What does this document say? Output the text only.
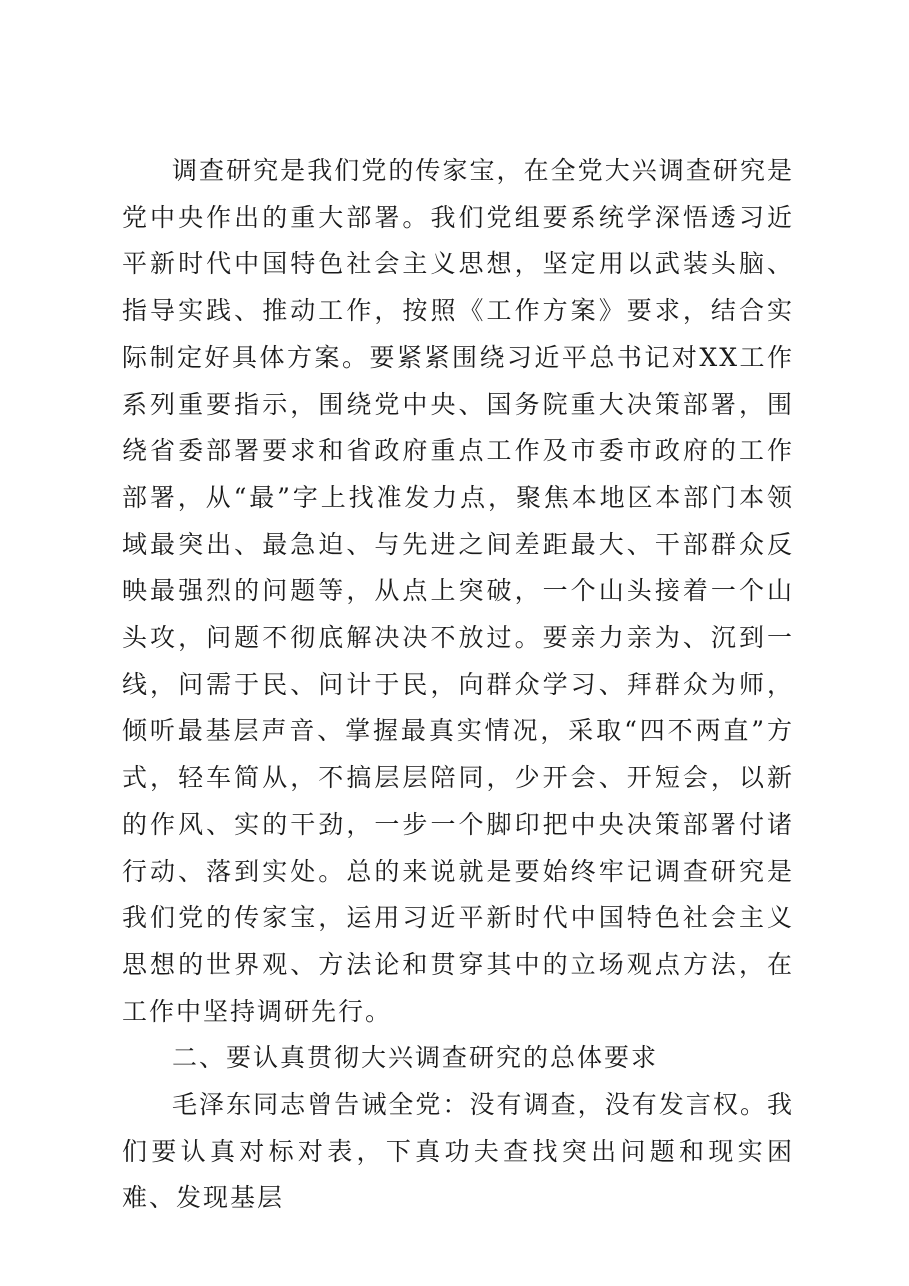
调查研究是我们党的传家宝，在全党大兴调查研究是党中央作出的重大部署。我们党组要系统学深悟透习近平新时代中国特色社会主义思想，坚定用以武装头脑、指导实践、推动工作，按照《工作方案》要求，结合实际制定好具体方案。要紧紧围绕习近平总书记对XX工作系列重要指示，围绕党中央、国务院重大决策部署，围绕省委部署要求和省政府重点工作及市委市政府的工作部署，从“最”字上找准发力点，聚焦本地区本部门本领域最突出、最急迫、与先进之间差距最大、干部群众反映最强烈的问题等，从点上突破，一个山头接着一个山头攻，问题不彻底解决决不放过。要亲力亲为、沉到一线，问需于民、问计于民，向群众学习、拜群众为师，倾听最基层声音、掌握最真实情况，采取“四不两直”方式，轻车简从，不搞层层陪同，少开会、开短会，以新的作风、实的干劲，一步一个脚印把中央决策部署付诸行动、落到实处。总的来说就是要始终牢记调查研究是我们党的传家宝，运用习近平新时代中国特色社会主义思想的世界观、方法论和贯穿其中的立场观点方法，在工作中坚持调研先行。

二、要认真贯彻大兴调查研究的总体要求

毛泽东同志曾告诫全党：没有调查，没有发言权。我们要认真对标对表，下真功夫查找突出问题和现实困难、发现基层
